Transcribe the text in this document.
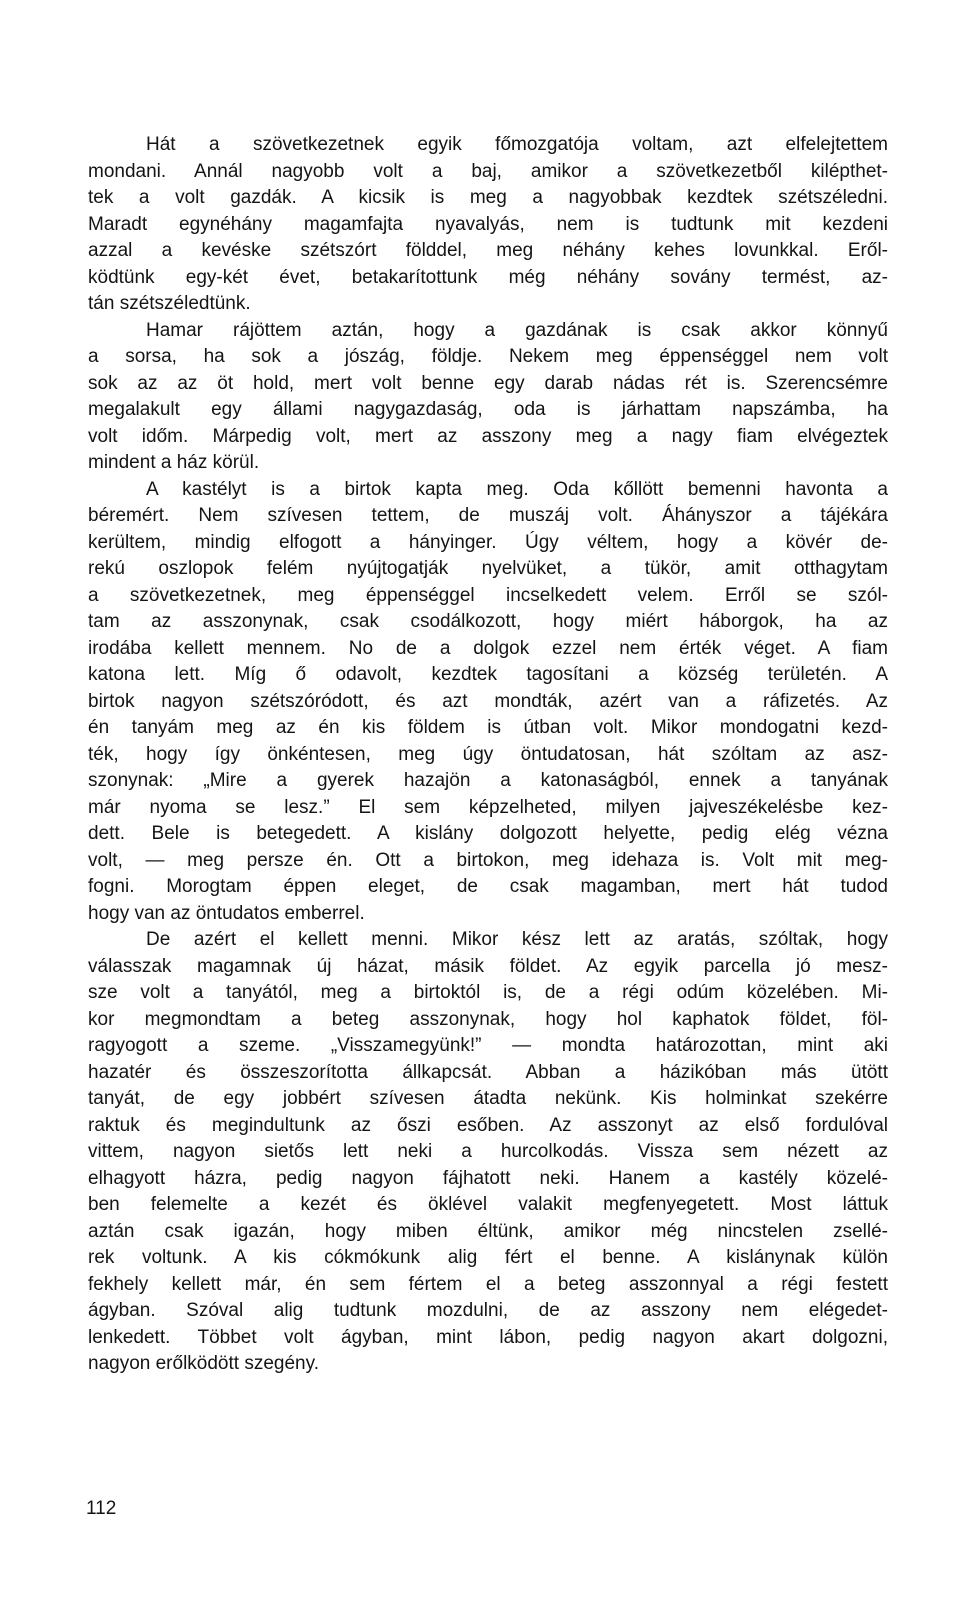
Hát a szövetkezetnek egyik főmozgatója voltam, azt elfelejtettem
mondani. Annál nagyobb volt a baj, amikor a szövetkezetből kilépthet-
tek a volt gazdák. A kicsik is meg a nagyobbak kezdtek szétszéledni.
Maradt egynéhány magamfajta nyavalyás, nem is tudtunk mit kezdeni
azzal a kevéske szétszórt földdel, meg néhány kehes lovunkkal. Eről-
ködtünk egy-két évet, betakarítottunk még néhány sovány termést, az-
tán szétszéledtünk.
Hamar rájöttem aztán, hogy a gazdának is csak akkor könnyű
a sorsa, ha sok a jószág, földje. Nekem meg éppenséggel nem volt
sok az az öt hold, mert volt benne egy darab nádas rét is. Szerencsémre
megalakult egy állami nagygazdaság, oda is járhattam napszámba, ha
volt időm. Márpedig volt, mert az asszony meg a nagy fiam elvégeztek
mindent a ház körül.
A kastélyt is a birtok kapta meg. Oda kőllött bemenni havonta a
béremért. Nem szívesen tettem, de muszáj volt. Áhányszor a tájékára
kerültem, mindig elfogott a hányinger. Úgy véltem, hogy a kövér de-
rekú oszlopok felém nyújtogatják nyelvüket, a tükör, amit otthagytam
a szövetkezetnek, meg éppenséggel incselkedett velem. Erről se szól-
tam az asszonynak, csak csodálkozott, hogy miért háborgok, ha az
irodába kellett mennem. No de a dolgok ezzel nem érték véget. A fiam
katona lett. Míg ő odavolt, kezdtek tagosítani a község területén. A
birtok nagyon szétszóródott, és azt mondták, azért van a ráfizetés. Az
én tanyám meg az én kis földem is útban volt. Mikor mondogatni kezd-
ték, hogy így önkéntesen, meg úgy öntudatosan, hát szóltam az asz-
szonynak: „Mire a gyerek hazajön a katonaságból, ennek a tanyának
már nyoma se lesz.” El sem képzelheted, milyen jajveszékelésbe kez-
dett. Bele is betegedett. A kislány dolgozott helyette, pedig elég vézna
volt, — meg persze én. Ott a birtokon, meg idehaza is. Volt mit meg-
fogni. Morogtam éppen eleget, de csak magamban, mert hát tudod
hogy van az öntudatos emberrel.
De azért el kellett menni. Mikor kész lett az aratás, szóltak, hogy
válasszak magamnak új házat, másik földet. Az egyik parcella jó mesz-
sze volt a tanyától, meg a birtoktól is, de a régi odúm közelében. Mi-
kor megmondtam a beteg asszonynak, hogy hol kaphatok földet, föl-
ragyogott a szeme. „Visszamegyünk!” — mondta határozottan, mint aki
hazatér és összeszorította állkapcsát. Abban a házikóban más ütött
tanyát, de egy jobbért szívesen átadta nekünk. Kis holminkat szekérre
raktuk és megindultunk az őszi esőben. Az asszonyt az első fordulóval
vittem, nagyon sietős lett neki a hurcolkodás. Vissza sem nézett az
elhagyott házra, pedig nagyon fájhatott neki. Hanem a kastély közelé-
ben felemelte a kezét és öklével valakit megfenyegetett. Most láttuk
aztán csak igazán, hogy miben éltünk, amikor még nincstelen zsellé-
rek voltunk. A kis cókmókunk alig fért el benne. A kislánynak külön
fekhely kellett már, én sem fértem el a beteg asszonnyal a régi festett
ágyban. Szóval alig tudtunk mozdulni, de az asszony nem elégedet-
lenkedett. Többet volt ágyban, mint lábon, pedig nagyon akart dolgozni,
nagyon erőlködött szegény.
112
